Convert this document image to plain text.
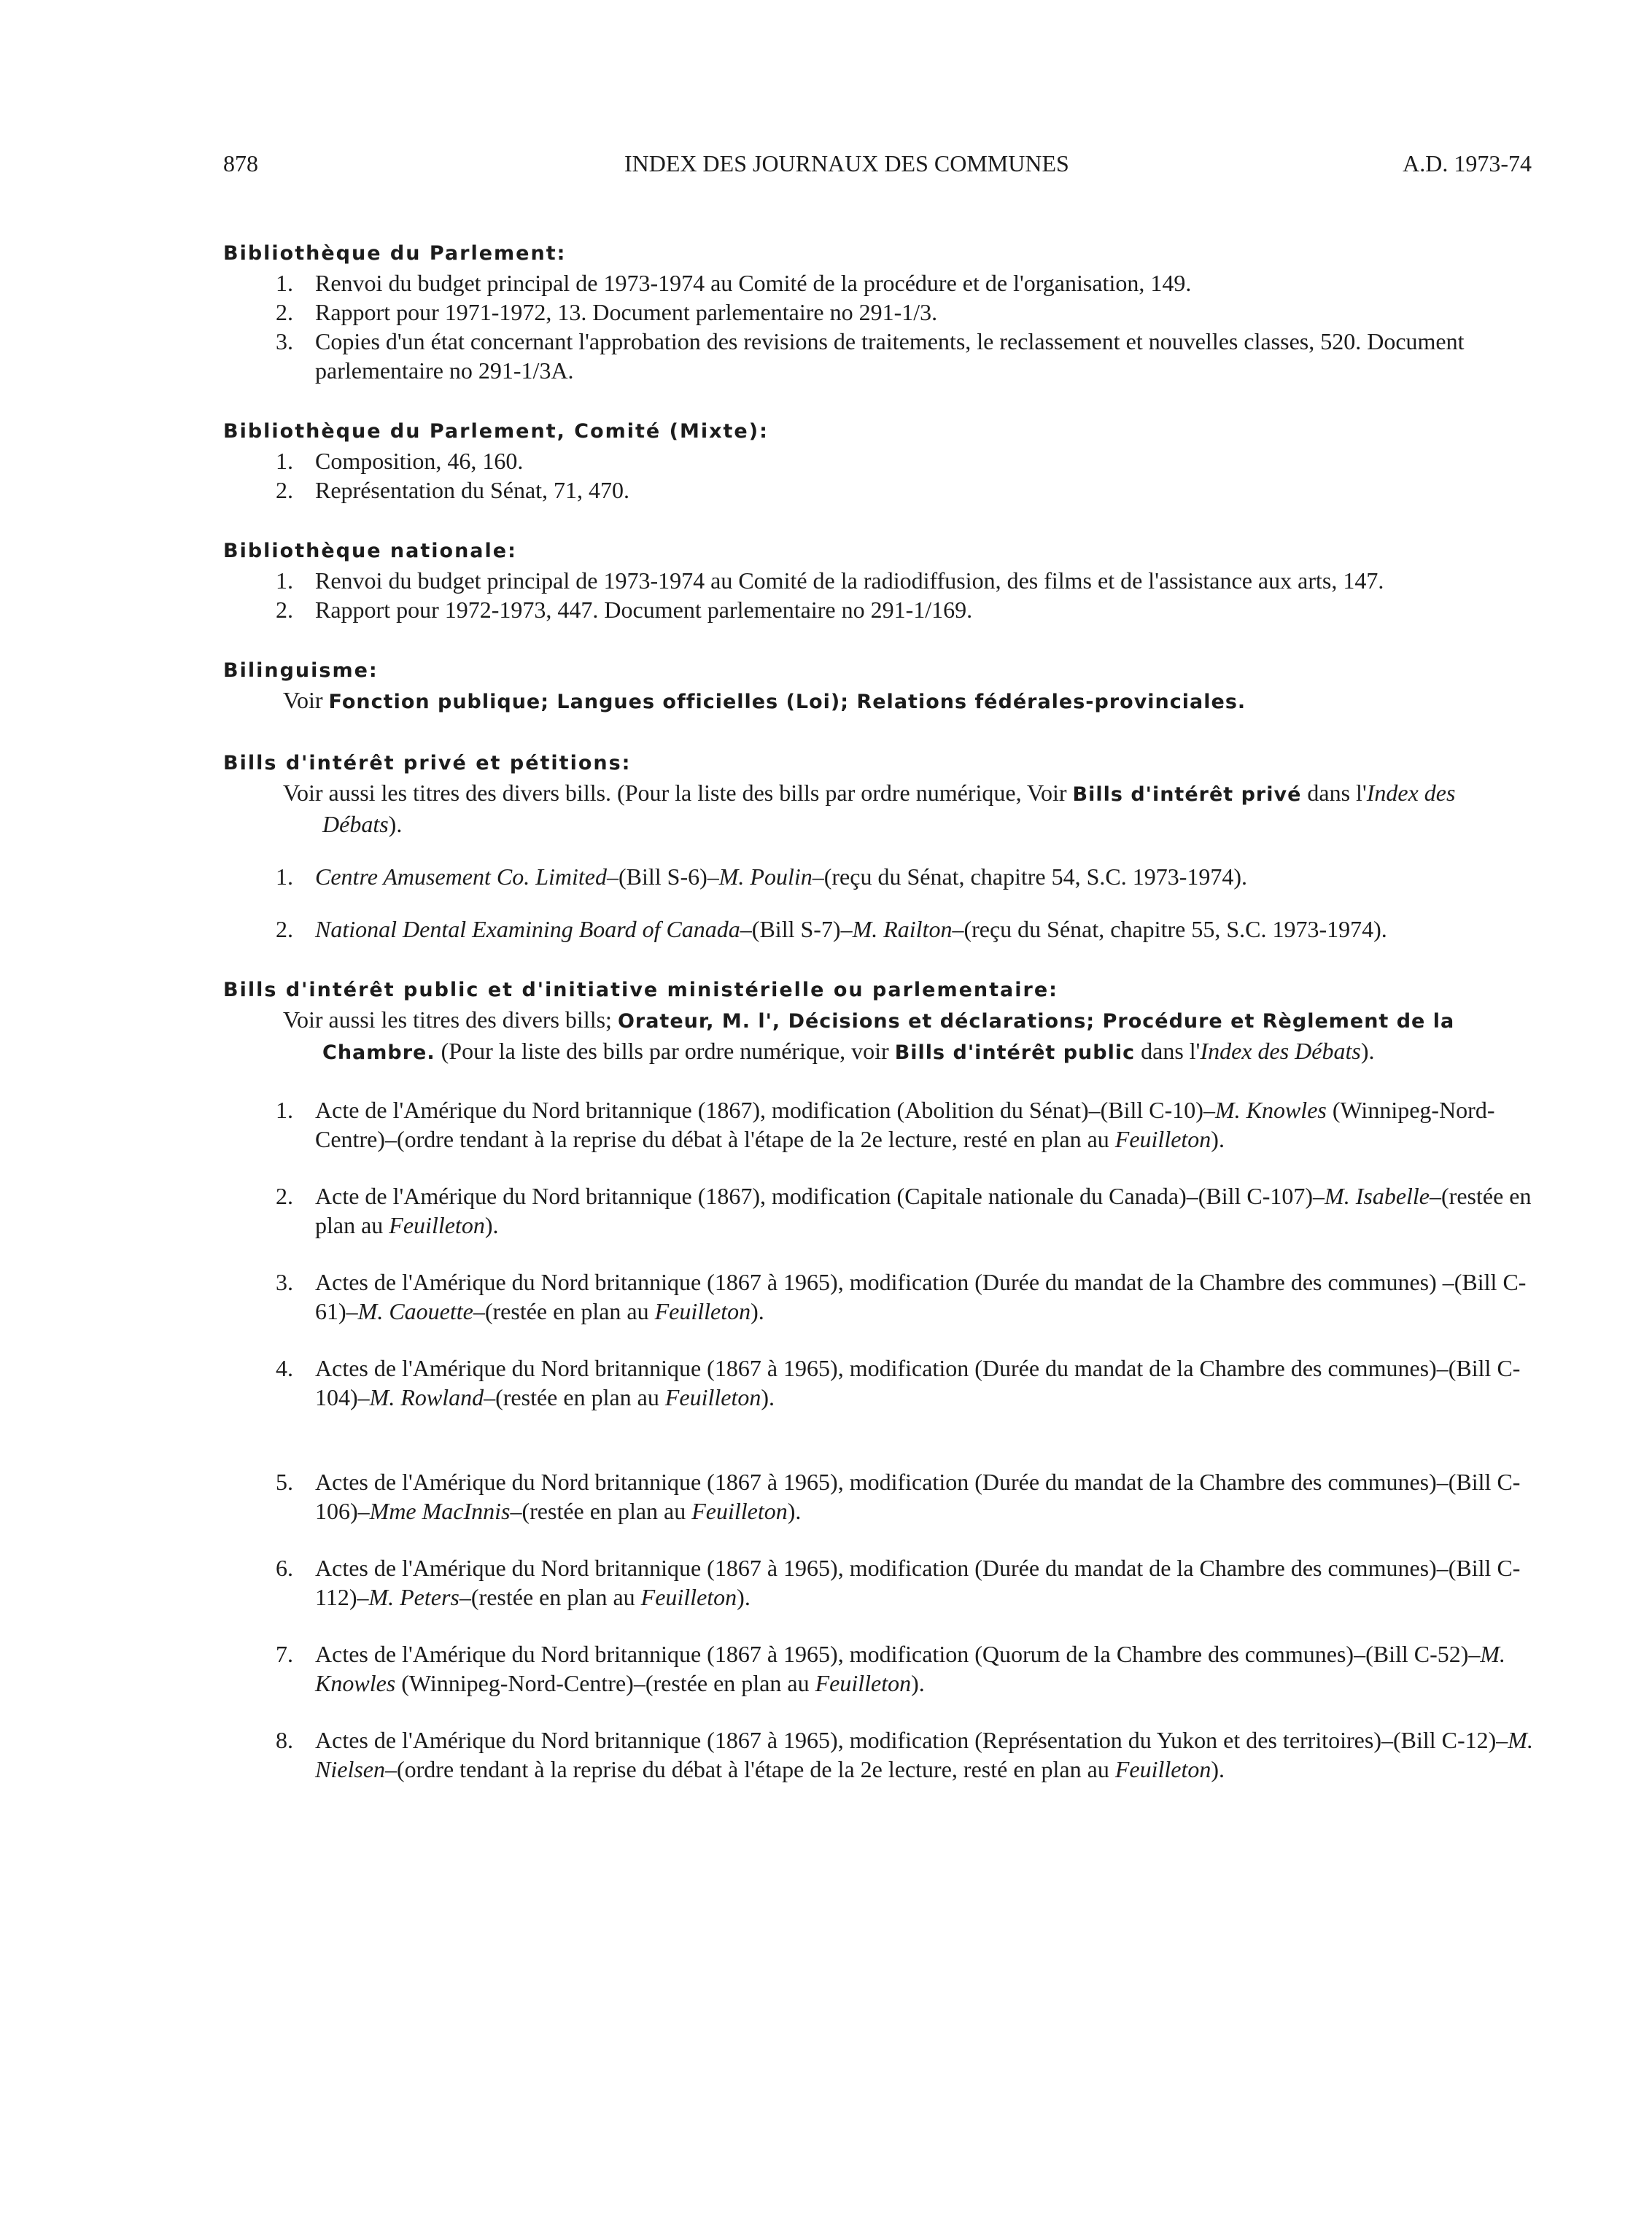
878	INDEX DES JOURNAUX DES COMMUNES	A.D. 1973-74
Bibliothèque du Parlement:
1. Renvoi du budget principal de 1973-1974 au Comité de la procédure et de l'organisation, 149.
2. Rapport pour 1971-1972, 13. Document parlementaire no 291-1/3.
3. Copies d'un état concernant l'approbation des revisions de traitements, le reclassement et nouvelles classes, 520. Document parlementaire no 291-1/3A.
Bibliothèque du Parlement, Comité (Mixte):
1. Composition, 46, 160.
2. Représentation du Sénat, 71, 470.
Bibliothèque nationale:
1. Renvoi du budget principal de 1973-1974 au Comité de la radiodiffusion, des films et de l'assistance aux arts, 147.
2. Rapport pour 1972-1973, 447. Document parlementaire no 291-1/169.
Bilinguisme:
Voir Fonction publique; Langues officielles (Loi); Relations fédérales-provinciales.
Bills d'intérêt privé et pétitions:
Voir aussi les titres des divers bills. (Pour la liste des bills par ordre numérique, Voir Bills d'intérêt privé dans l'Index des Débats).
1. Centre Amusement Co. Limited–(Bill S-6)–M. Poulin–(reçu du Sénat, chapitre 54, S.C. 1973-1974).
2. National Dental Examining Board of Canada–(Bill S-7)–M. Railton–(reçu du Sénat, chapitre 55, S.C. 1973-1974).
Bills d'intérêt public et d'initiative ministérielle ou parlementaire:
Voir aussi les titres des divers bills; Orateur, M. l', Décisions et déclarations; Procédure et Règlement de la Chambre. (Pour la liste des bills par ordre numérique, voir Bills d'intérêt public dans l'Index des Débats).
1. Acte de l'Amérique du Nord britannique (1867), modification (Abolition du Sénat)–(Bill C-10)–M. Knowles (Winnipeg-Nord-Centre)–(ordre tendant à la reprise du débat à l'étape de la 2e lecture, resté en plan au Feuilleton).
2. Acte de l'Amérique du Nord britannique (1867), modification (Capitale nationale du Canada)–(Bill C-107)–M. Isabelle–(restée en plan au Feuilleton).
3. Actes de l'Amérique du Nord britannique (1867 à 1965), modification (Durée du mandat de la Chambre des communes) –(Bill C-61)–M. Caouette–(restée en plan au Feuilleton).
4. Actes de l'Amérique du Nord britannique (1867 à 1965), modification (Durée du mandat de la Chambre des communes)–(Bill C-104)–M. Rowland–(restée en plan au Feuilleton).
5. Actes de l'Amérique du Nord britannique (1867 à 1965), modification (Durée du mandat de la Chambre des communes)–(Bill C-106)–Mme MacInnis–(restée en plan au Feuilleton).
6. Actes de l'Amérique du Nord britannique (1867 à 1965), modification (Durée du mandat de la Chambre des communes)–(Bill C-112)–M. Peters–(restée en plan au Feuilleton).
7. Actes de l'Amérique du Nord britannique (1867 à 1965), modification (Quorum de la Chambre des communes)–(Bill C-52)–M. Knowles (Winnipeg-Nord-Centre)–(restée en plan au Feuilleton).
8. Actes de l'Amérique du Nord britannique (1867 à 1965), modification (Représentation du Yukon et des territoires)–(Bill C-12)–M. Nielsen–(ordre tendant à la reprise du débat à l'étape de la 2e lecture, resté en plan au Feuilleton).
